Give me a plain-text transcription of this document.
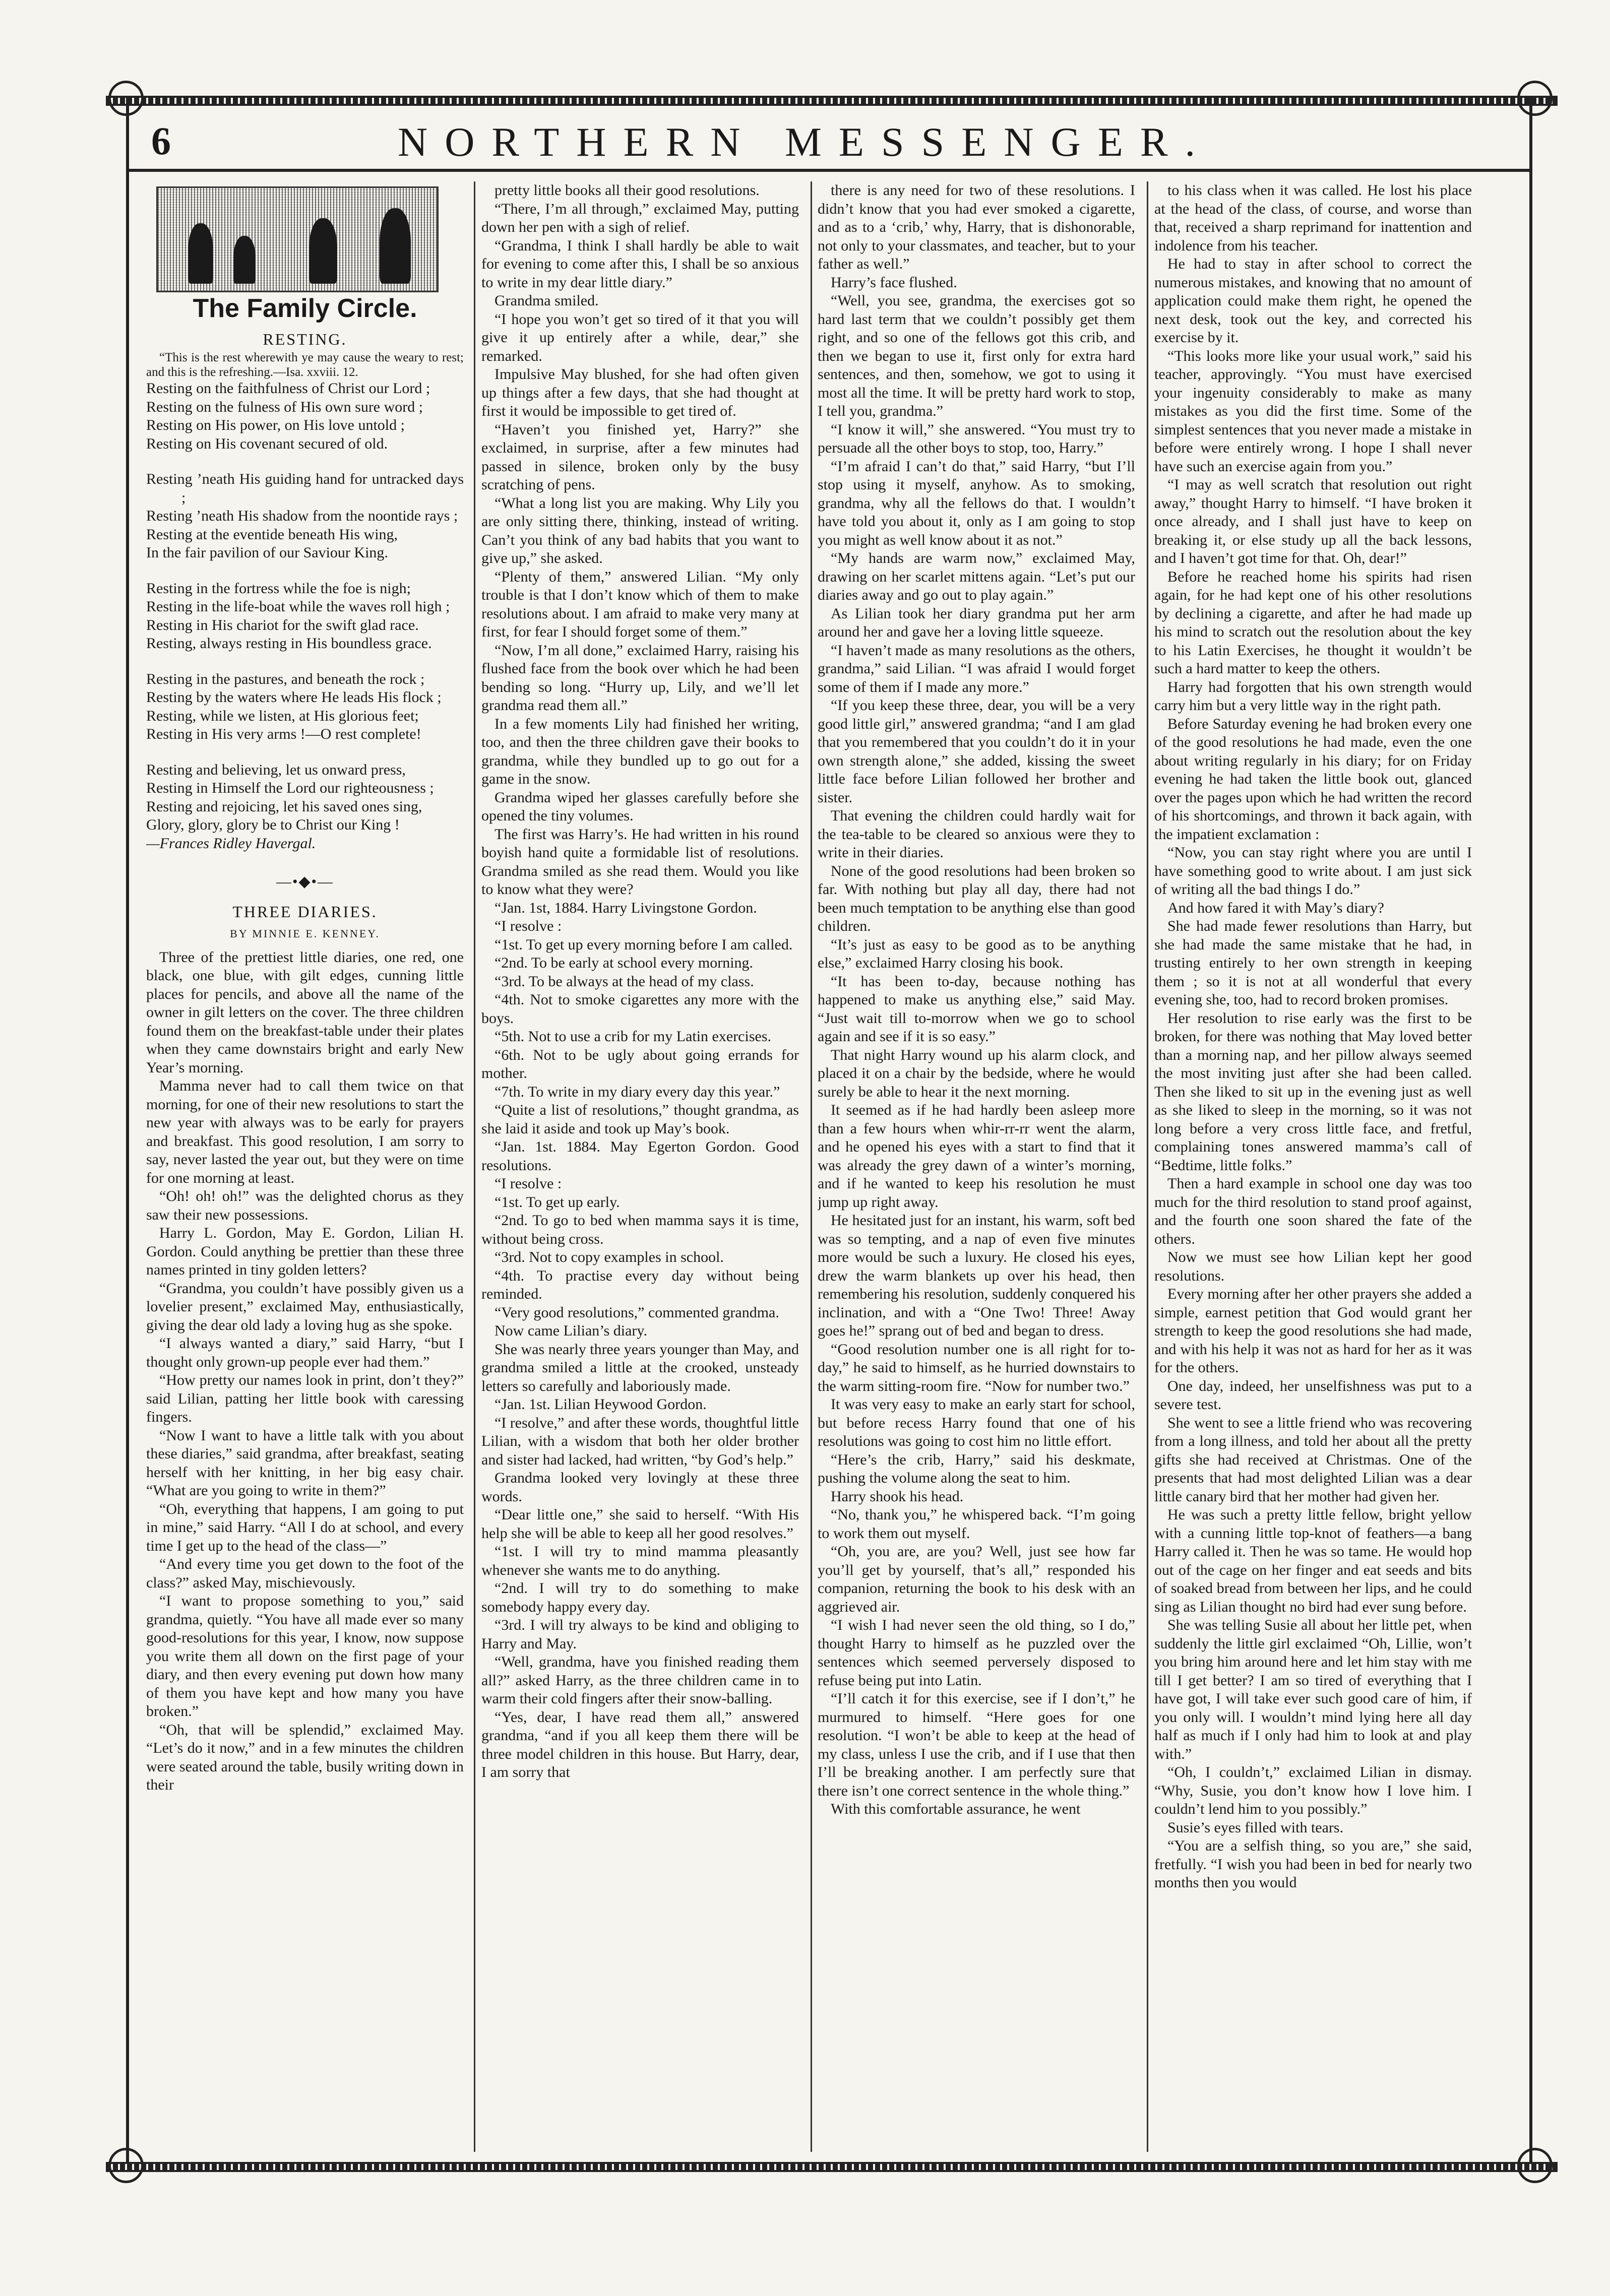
6	NORTHERN MESSENGER.
The Family Circle.
RESTING.

“This is the rest wherewith ye may cause the weary to rest; and this is the refreshing.—Isa. xxviii. 12.

Resting on the faithfulness of Christ our Lord ;
Resting on the fulness of His own sure word ;
Resting on His power, on His love untold ;
Resting on His covenant secured of old.
Resting ’neath His guiding hand for untracked days ;
Resting ’neath His shadow from the noontide rays ;
Resting at the eventide beneath His wing,
In the fair pavilion of our Saviour King.
Resting in the fortress while the foe is nigh;
Resting in the life-boat while the waves roll high ;
Resting in His chariot for the swift glad race.
Resting, always resting in His boundless grace.
Resting in the pastures, and beneath the rock ;
Resting by the waters where He leads His flock ;
Resting, while we listen, at His glorious feet;
Resting in His very arms !—O rest complete!
Resting and believing, let us onward press,
Resting in Himself the Lord our righteousness ;
Resting and rejoicing, let his saved ones sing,
Glory, glory, glory be to Christ our King !
—Frances Ridley Havergal.
—•◆•—
THREE DIARIES.
BY MINNIE E. KENNEY.

Three of the prettiest little diaries, one red, one black, one blue, with gilt edges, cunning little places for pencils, and above all the name of the owner in gilt letters on the cover. The three children found them on the breakfast-table under their plates when they came downstairs bright and early New Year’s morning.

Mamma never had to call them twice on that morning, for one of their new resolutions to start the new year with always was to be early for prayers and breakfast. This good resolution, I am sorry to say, never lasted the year out, but they were on time for one morning at least.

“Oh! oh! oh!” was the delighted chorus as they saw their new possessions.

Harry L. Gordon, May E. Gordon, Lilian H. Gordon. Could anything be prettier than these three names printed in tiny golden letters?

“Grandma, you couldn’t have possibly given us a lovelier present,” exclaimed May, enthusiastically, giving the dear old lady a loving hug as she spoke.

“I always wanted a diary,” said Harry, “but I thought only grown-up people ever had them.”

“How pretty our names look in print, don’t they?” said Lilian, patting her little book with caressing fingers.

“Now I want to have a little talk with you about these diaries,” said grandma, after breakfast, seating herself with her knitting, in her big easy chair. “What are you going to write in them?”

“Oh, everything that happens, I am going to put in mine,” said Harry. “All I do at school, and every time I get up to the head of the class—”

“And every time you get down to the foot of the class?” asked May, mischievously.

“I want to propose something to you,” said grandma, quietly. “You have all made ever so many good-resolutions for this year, I know, now suppose you write them all down on the first page of your diary, and then every evening put down how many of them you have kept and how many you have broken.”

“Oh, that will be splendid,” exclaimed May. “Let’s do it now,” and in a few minutes the children were seated around the table, busily writing down in their

pretty little books all their good resolutions.

“There, I’m all through,” exclaimed May, putting down her pen with a sigh of relief.

“Grandma, I think I shall hardly be able to wait for evening to come after this, I shall be so anxious to write in my dear little diary.”

Grandma smiled.

“I hope you won’t get so tired of it that you will give it up entirely after a while, dear,” she remarked.

Impulsive May blushed, for she had often given up things after a few days, that she had thought at first it would be impossible to get tired of.

“Haven’t you finished yet, Harry?” she exclaimed, in surprise, after a few minutes had passed in silence, broken only by the busy scratching of pens.

“What a long list you are making. Why Lily you are only sitting there, thinking, instead of writing. Can’t you think of any bad habits that you want to give up,” she asked.

“Plenty of them,” answered Lilian. “My only trouble is that I don’t know which of them to make resolutions about. I am afraid to make very many at first, for fear I should forget some of them.”

“Now, I’m all done,” exclaimed Harry, raising his flushed face from the book over which he had been bending so long. “Hurry up, Lily, and we’ll let grandma read them all.”

In a few moments Lily had finished her writing, too, and then the three children gave their books to grandma, while they bundled up to go out for a game in the snow.

Grandma wiped her glasses carefully before she opened the tiny volumes.

The first was Harry’s. He had written in his round boyish hand quite a formidable list of resolutions. Grandma smiled as she read them. Would you like to know what they were?

“Jan. 1st, 1884. Harry Livingstone Gordon.

“I resolve :

“1st. To get up every morning before I am called.

“2nd. To be early at school every morning.

“3rd. To be always at the head of my class.

“4th. Not to smoke cigarettes any more with the boys.

“5th. Not to use a crib for my Latin exercises.

“6th. Not to be ugly about going errands for mother.

“7th. To write in my diary every day this year.”

“Quite a list of resolutions,” thought grandma, as she laid it aside and took up May’s book.

“Jan. 1st. 1884. May Egerton Gordon. Good resolutions.

“I resolve :

“1st. To get up early.

“2nd. To go to bed when mamma says it is time, without being cross.

“3rd. Not to copy examples in school.

“4th. To practise every day without being reminded.

“Very good resolutions,” commented grandma.

Now came Lilian’s diary.

She was nearly three years younger than May, and grandma smiled a little at the crooked, unsteady letters so carefully and laboriously made.

“Jan. 1st. Lilian Heywood Gordon.

“I resolve,” and after these words, thoughtful little Lilian, with a wisdom that both her older brother and sister had lacked, had written, “by God’s help.”

Grandma looked very lovingly at these three words.

“Dear little one,” she said to herself. “With His help she will be able to keep all her good resolves.”

“1st. I will try to mind mamma pleasantly whenever she wants me to do anything.

“2nd. I will try to do something to make somebody happy every day.

“3rd. I will try always to be kind and obliging to Harry and May.

“Well, grandma, have you finished reading them all?” asked Harry, as the three children came in to warm their cold fingers after their snow-balling.

“Yes, dear, I have read them all,” answered grandma, “and if you all keep them there will be three model children in this house. But Harry, dear, I am sorry that

there is any need for two of these resolutions. I didn’t know that you had ever smoked a cigarette, and as to a ‘crib,’ why, Harry, that is dishonorable, not only to your classmates, and teacher, but to your father as well.”

Harry’s face flushed.

“Well, you see, grandma, the exercises got so hard last term that we couldn’t possibly get them right, and so one of the fellows got this crib, and then we began to use it, first only for extra hard sentences, and then, somehow, we got to using it most all the time. It will be pretty hard work to stop, I tell you, grandma.”

“I know it will,” she answered. “You must try to persuade all the other boys to stop, too, Harry.”

“I’m afraid I can’t do that,” said Harry, “but I’ll stop using it myself, anyhow. As to smoking, grandma, why all the fellows do that. I wouldn’t have told you about it, only as I am going to stop you might as well know about it as not.”

“My hands are warm now,” exclaimed May, drawing on her scarlet mittens again. “Let’s put our diaries away and go out to play again.”

As Lilian took her diary grandma put her arm around her and gave her a loving little squeeze.

“I haven’t made as many resolutions as the others, grandma,” said Lilian. “I was afraid I would forget some of them if I made any more.”

“If you keep these three, dear, you will be a very good little girl,” answered grandma; “and I am glad that you remembered that you couldn’t do it in your own strength alone,” she added, kissing the sweet little face before Lilian followed her brother and sister.

That evening the children could hardly wait for the tea-table to be cleared so anxious were they to write in their diaries.

None of the good resolutions had been broken so far. With nothing but play all day, there had not been much temptation to be anything else than good children.

“It’s just as easy to be good as to be anything else,” exclaimed Harry closing his book.

“It has been to-day, because nothing has happened to make us anything else,” said May. “Just wait till to-morrow when we go to school again and see if it is so easy.”

That night Harry wound up his alarm clock, and placed it on a chair by the bedside, where he would surely be able to hear it the next morning.

It seemed as if he had hardly been asleep more than a few hours when whir-rr-rr went the alarm, and he opened his eyes with a start to find that it was already the grey dawn of a winter’s morning, and if he wanted to keep his resolution he must jump up right away.

He hesitated just for an instant, his warm, soft bed was so tempting, and a nap of even five minutes more would be such a luxury. He closed his eyes, drew the warm blankets up over his head, then remembering his resolution, suddenly conquered his inclination, and with a “One Two! Three! Away goes he!” sprang out of bed and began to dress.

“Good resolution number one is all right for to-day,” he said to himself, as he hurried downstairs to the warm sitting-room fire. “Now for number two.”

It was very easy to make an early start for school, but before recess Harry found that one of his resolutions was going to cost him no little effort.

“Here’s the crib, Harry,” said his deskmate, pushing the volume along the seat to him.

Harry shook his head.

“No, thank you,” he whispered back. “I’m going to work them out myself.

“Oh, you are, are you? Well, just see how far you’ll get by yourself, that’s all,” responded his companion, returning the book to his desk with an aggrieved air.

“I wish I had never seen the old thing, so I do,” thought Harry to himself as he puzzled over the sentences which seemed perversely disposed to refuse being put into Latin.

“I’ll catch it for this exercise, see if I don’t,” he murmured to himself. “Here goes for one resolution. “I won’t be able to keep at the head of my class, unless I use the crib, and if I use that then I’ll be breaking another. I am perfectly sure that there isn’t one correct sentence in the whole thing.”

With this comfortable assurance, he went

to his class when it was called. He lost his place at the head of the class, of course, and worse than that, received a sharp reprimand for inattention and indolence from his teacher.

He had to stay in after school to correct the numerous mistakes, and knowing that no amount of application could make them right, he opened the next desk, took out the key, and corrected his exercise by it.

“This looks more like your usual work,” said his teacher, approvingly. “You must have exercised your ingenuity considerably to make as many mistakes as you did the first time. Some of the simplest sentences that you never made a mistake in before were entirely wrong. I hope I shall never have such an exercise again from you.”

“I may as well scratch that resolution out right away,” thought Harry to himself. “I have broken it once already, and I shall just have to keep on breaking it, or else study up all the back lessons, and I haven’t got time for that. Oh, dear!”

Before he reached home his spirits had risen again, for he had kept one of his other resolutions by declining a cigarette, and after he had made up his mind to scratch out the resolution about the key to his Latin Exercises, he thought it wouldn’t be such a hard matter to keep the others.

Harry had forgotten that his own strength would carry him but a very little way in the right path.

Before Saturday evening he had broken every one of the good resolutions he had made, even the one about writing regularly in his diary; for on Friday evening he had taken the little book out, glanced over the pages upon which he had written the record of his shortcomings, and thrown it back again, with the impatient exclamation :

“Now, you can stay right where you are until I have something good to write about. I am just sick of writing all the bad things I do.”

And how fared it with May’s diary?

She had made fewer resolutions than Harry, but she had made the same mistake that he had, in trusting entirely to her own strength in keeping them ; so it is not at all wonderful that every evening she, too, had to record broken promises.

Her resolution to rise early was the first to be broken, for there was nothing that May loved better than a morning nap, and her pillow always seemed the most inviting just after she had been called. Then she liked to sit up in the evening just as well as she liked to sleep in the morning, so it was not long before a very cross little face, and fretful, complaining tones answered mamma’s call of “Bedtime, little folks.”

Then a hard example in school one day was too much for the third resolution to stand proof against, and the fourth one soon shared the fate of the others.

Now we must see how Lilian kept her good resolutions.

Every morning after her other prayers she added a simple, earnest petition that God would grant her strength to keep the good resolutions she had made, and with his help it was not as hard for her as it was for the others.

One day, indeed, her unselfishness was put to a severe test.

She went to see a little friend who was recovering from a long illness, and told her about all the pretty gifts she had received at Christmas. One of the presents that had most delighted Lilian was a dear little canary bird that her mother had given her.

He was such a pretty little fellow, bright yellow with a cunning little top-knot of feathers—a bang Harry called it. Then he was so tame. He would hop out of the cage on her finger and eat seeds and bits of soaked bread from between her lips, and he could sing as Lilian thought no bird had ever sung before.

She was telling Susie all about her little pet, when suddenly the little girl exclaimed “Oh, Lillie, won’t you bring him around here and let him stay with me till I get better? I am so tired of everything that I have got, I will take ever such good care of him, if you only will. I wouldn’t mind lying here all day half as much if I only had him to look at and play with.”

“Oh, I couldn’t,” exclaimed Lilian in dismay. “Why, Susie, you don’t know how I love him. I couldn’t lend him to you possibly.”

Susie’s eyes filled with tears.

“You are a selfish thing, so you are,” she said, fretfully. “I wish you had been in bed for nearly two months then you would
